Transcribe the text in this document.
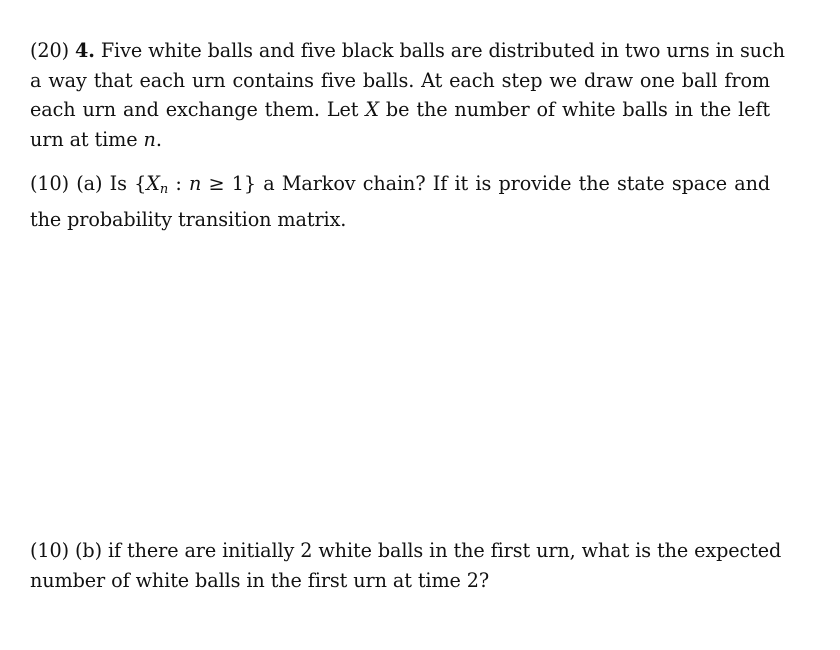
(20) 4. Five white balls and five black balls are distributed in two urns in such
a way that each urn contains five balls. At each step we draw one ball from
each urn and exchange them. Let X be the number of white balls in the left
urn at time n.
(10) (a) Is {$X_n$ : n ≥ 1} a Markov chain? If it is provide the state space and
the probability transition matrix.
(10) (b) if there are initially 2 white balls in the first urn, what is the expected
number of white balls in the first urn at time 2?
